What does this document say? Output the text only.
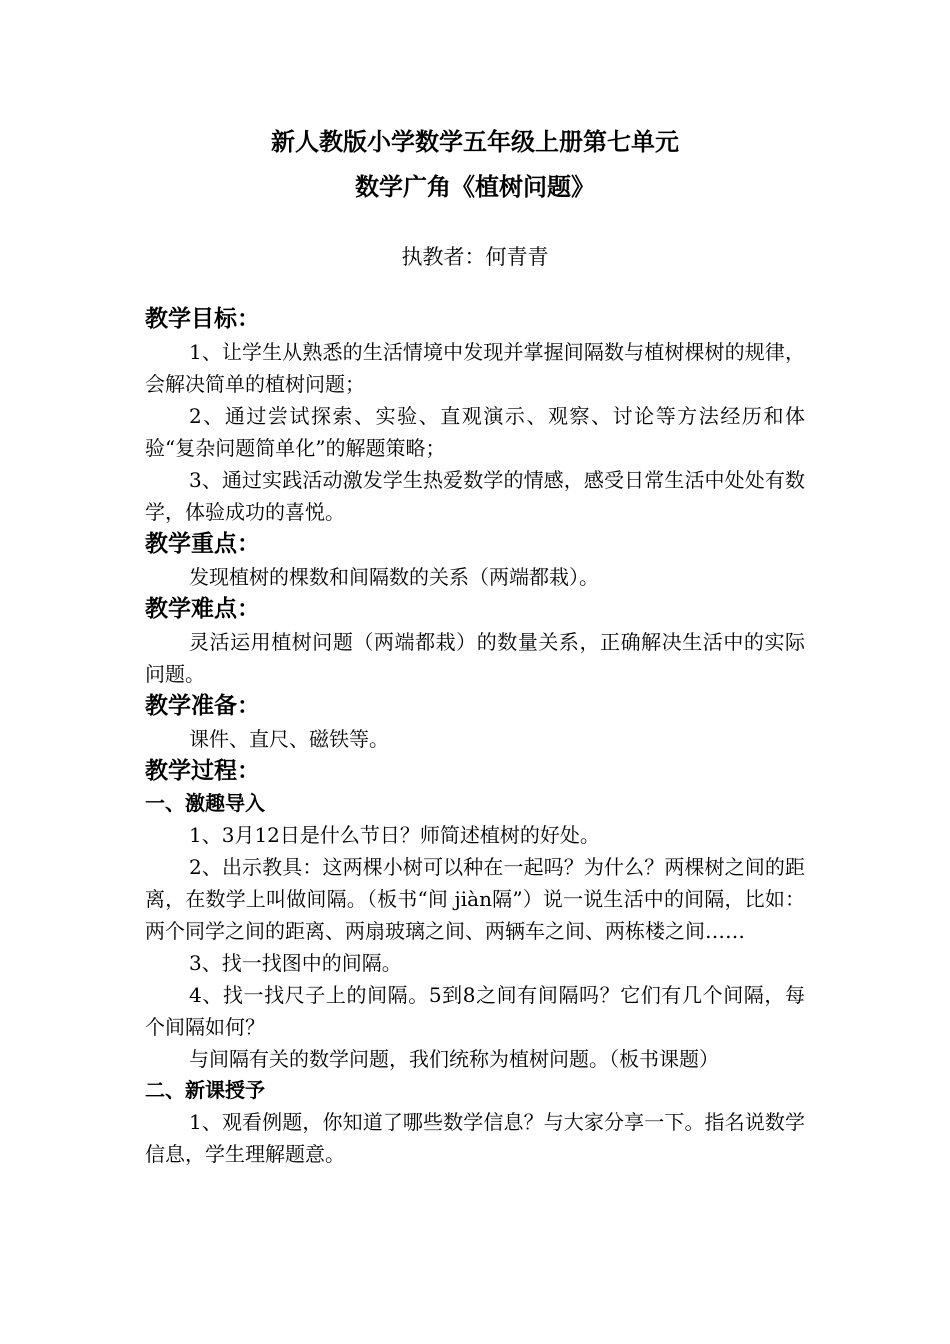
新人教版小学数学五年级上册第七单元
数学广角《植树问题》
执教者：何青青

教学目标：

1、让学生从熟悉的生活情境中发现并掌握间隔数与植树棵树的规律，会解决简单的植树问题；

2、通过尝试探索、实验、直观演示、观察、讨论等方法经历和体验“复杂问题简单化”的解题策略；

3、通过实践活动激发学生热爱数学的情感，感受日常生活中处处有数学，体验成功的喜悦。

教学重点：

发现植树的棵数和间隔数的关系（两端都栽）。

教学难点：

灵活运用植树问题（两端都栽）的数量关系，正确解决生活中的实际问题。

教学准备：

课件、直尺、磁铁等。

教学过程：

一、激趣导入

1、3月12日是什么节日？师简述植树的好处。

2、出示教具：这两棵小树可以种在一起吗？为什么？两棵树之间的距离，在数学上叫做间隔。（板书“间 jiàn隔”）说一说生活中的间隔，比如：两个同学之间的距离、两扇玻璃之间、两辆车之间、两栋楼之间……

3、找一找图中的间隔。

4、找一找尺子上的间隔。5到8之间有间隔吗？它们有几个间隔，每个间隔如何？

与间隔有关的数学问题，我们统称为植树问题。（板书课题）

二、新课授予

1、观看例题，你知道了哪些数学信息？与大家分享一下。指名说数学信息，学生理解题意。
